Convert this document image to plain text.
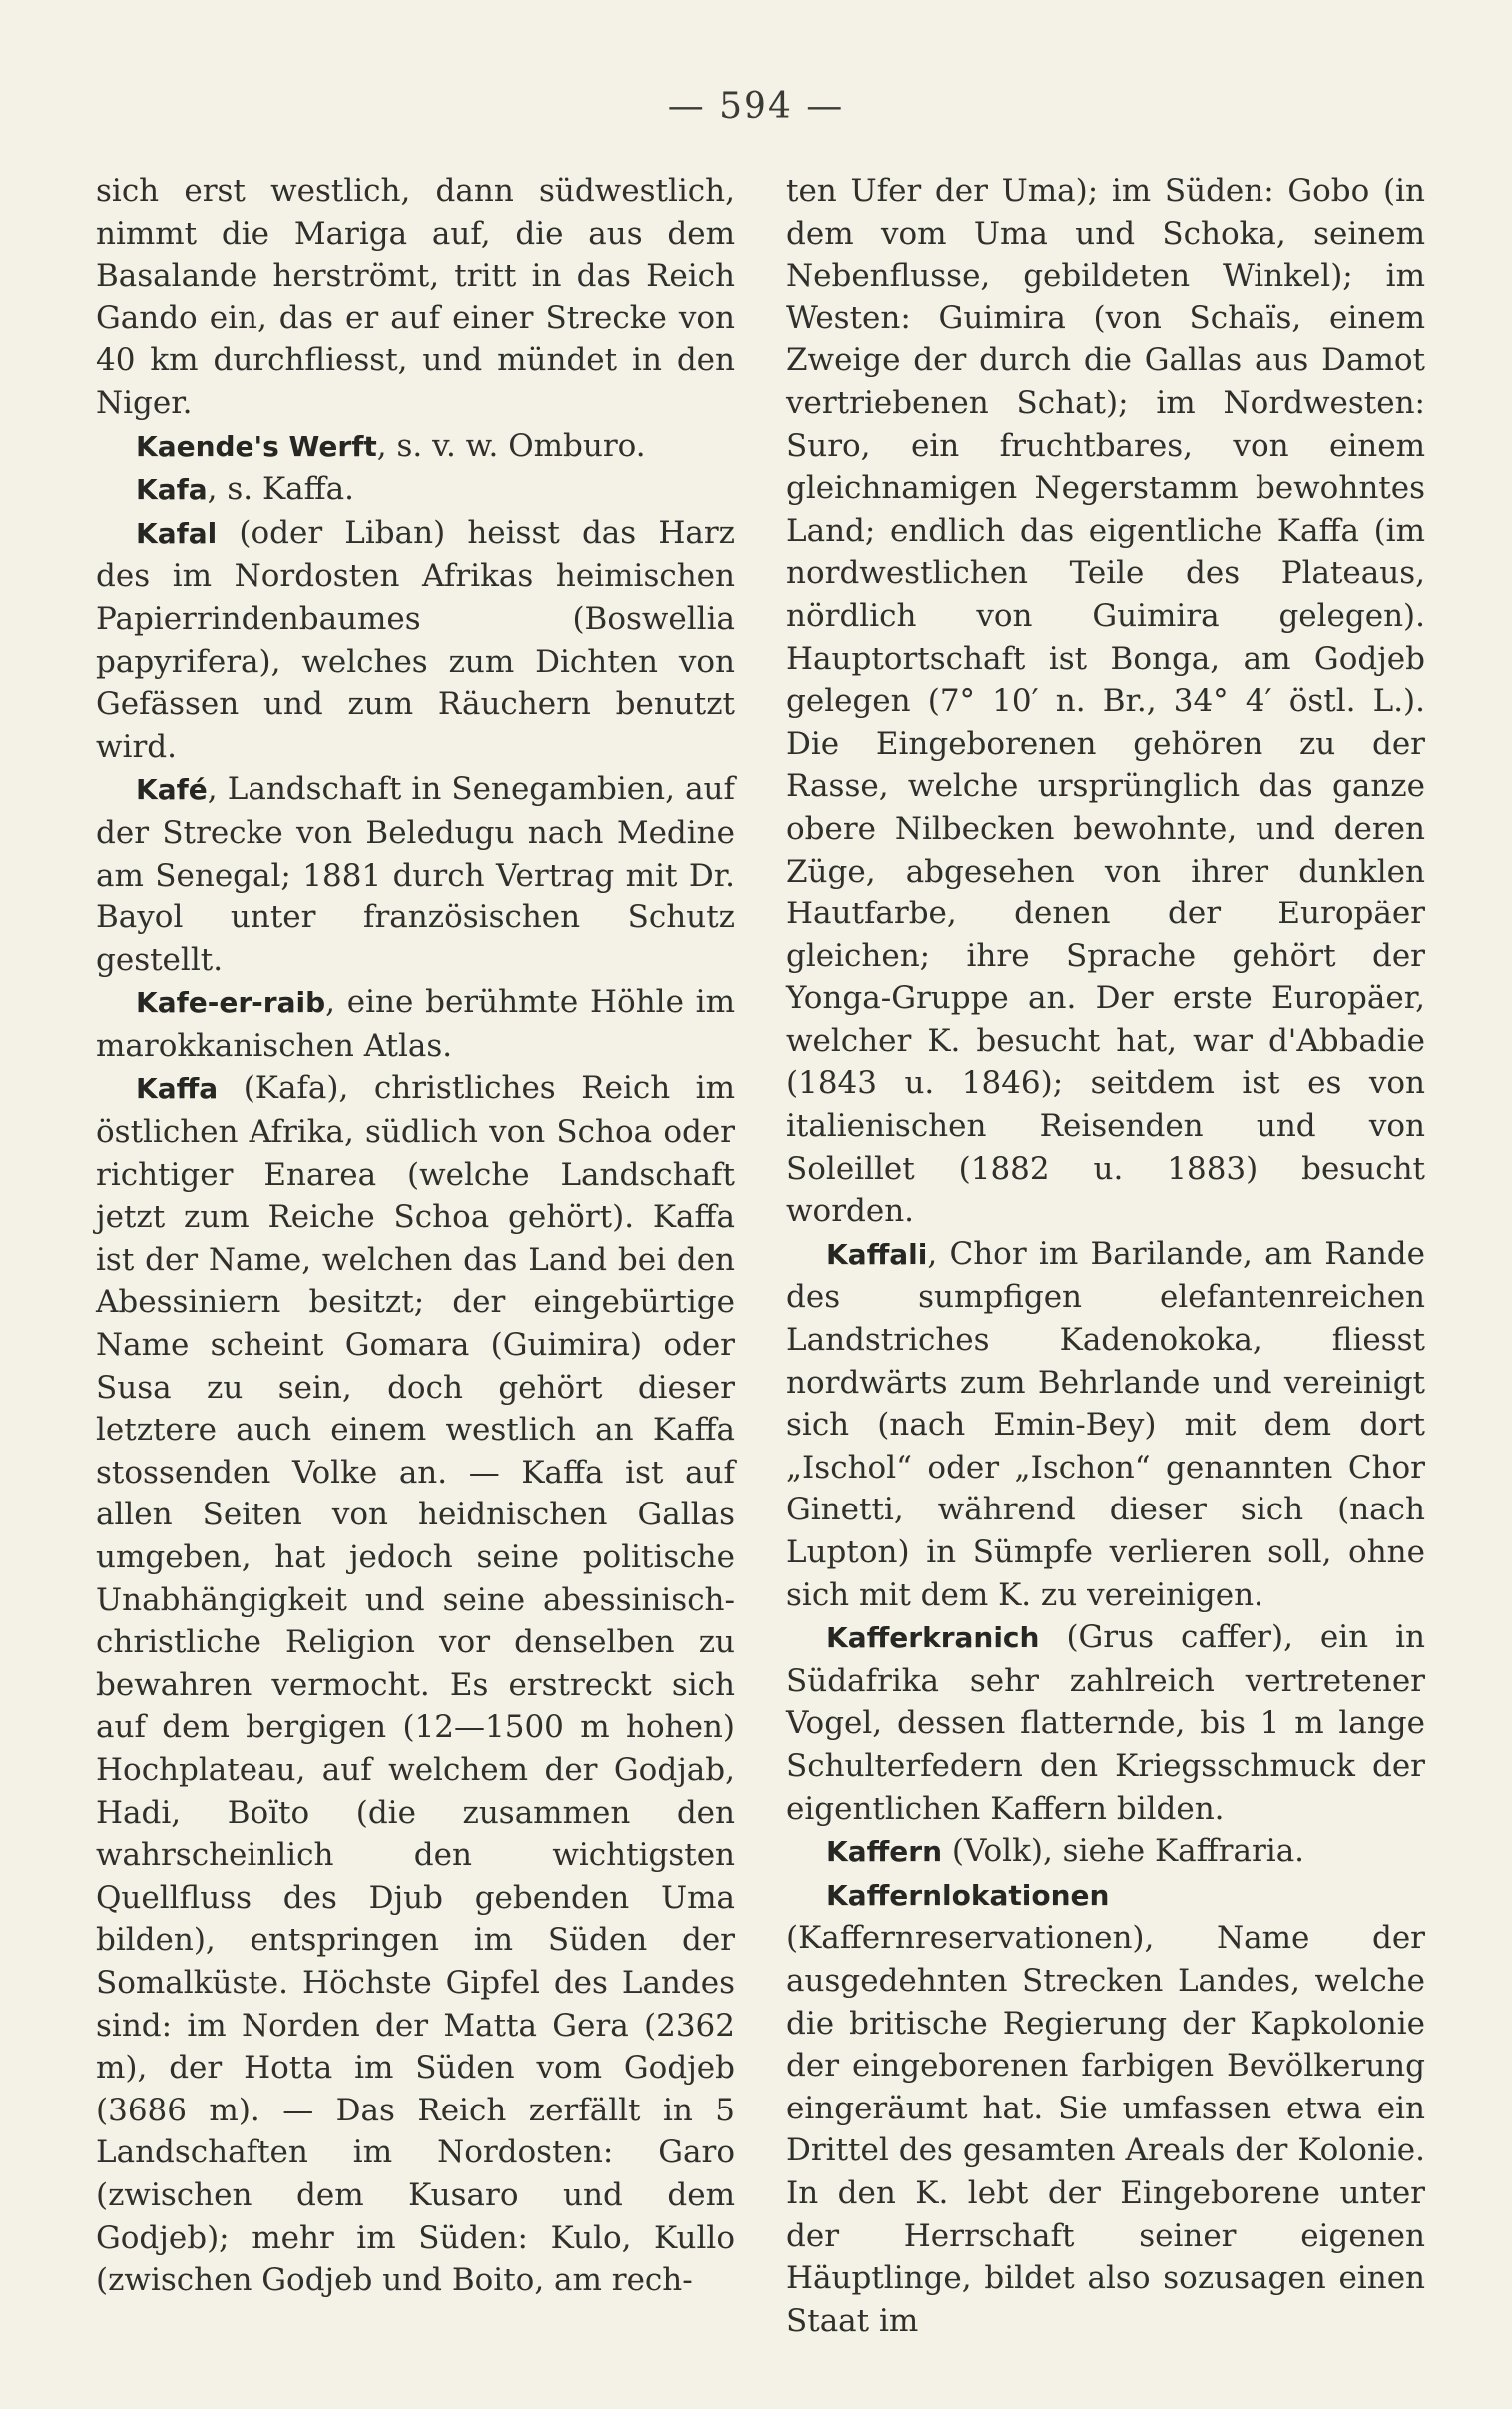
— 594 —

sich erst westlich, dann südwestlich, nimmt die Mariga auf, die aus dem Basalande herströmt, tritt in das Reich Gando ein, das er auf einer Strecke von 40 km durchfliesst, und mündet in den Niger.

Kaende's Werft, s. v. w. Omburo.

Kafa, s. Kaffa.

Kafal (oder Liban) heisst das Harz des im Nordosten Afrikas heimischen Papierrindenbaumes (Boswellia papyrifera), welches zum Dichten von Gefässen und zum Räuchern benutzt wird.

Kafé, Landschaft in Senegambien, auf der Strecke von Beledugu nach Medine am Senegal; 1881 durch Vertrag mit Dr. Bayol unter französischen Schutz gestellt.

Kafe-er-raib, eine berühmte Höhle im marokkanischen Atlas.

Kaffa (Kafa), christliches Reich im östlichen Afrika, südlich von Schoa oder richtiger Enarea (welche Landschaft jetzt zum Reiche Schoa gehört). Kaffa ist der Name, welchen das Land bei den Abessiniern besitzt; der eingebürtige Name scheint Gomara (Guimira) oder Susa zu sein, doch gehört dieser letztere auch einem westlich an Kaffa stossenden Volke an. — Kaffa ist auf allen Seiten von heidnischen Gallas umgeben, hat jedoch seine politische Unabhängigkeit und seine abessinisch-christliche Religion vor denselben zu bewahren vermocht. Es erstreckt sich auf dem bergigen (12—1500 m hohen) Hochplateau, auf welchem der Godjab, Hadi, Boïto (die zusammen den wahrscheinlich den wichtigsten Quellfluss des Djub gebenden Uma bilden), entspringen im Süden der Somalküste. Höchste Gipfel des Landes sind: im Norden der Matta Gera (2362 m), der Hotta im Süden vom Godjeb (3686 m). — Das Reich zerfällt in 5 Landschaften im Nordosten: Garo (zwischen dem Kusaro und dem Godjeb); mehr im Süden: Kulo, Kullo (zwischen Godjeb und Boito, am rech-

ten Ufer der Uma); im Süden: Gobo (in dem vom Uma und Schoka, seinem Nebenflusse, gebildeten Winkel); im Westen: Guimira (von Schaïs, einem Zweige der durch die Gallas aus Damot vertriebenen Schat); im Nordwesten: Suro, ein fruchtbares, von einem gleichnamigen Negerstamm bewohntes Land; endlich das eigentliche Kaffa (im nordwestlichen Teile des Plateaus, nördlich von Guimira gelegen). Hauptortschaft ist Bonga, am Godjeb gelegen (7° 10′ n. Br., 34° 4′ östl. L.). Die Eingeborenen gehören zu der Rasse, welche ursprünglich das ganze obere Nilbecken bewohnte, und deren Züge, abgesehen von ihrer dunklen Hautfarbe, denen der Europäer gleichen; ihre Sprache gehört der Yonga-Gruppe an. Der erste Europäer, welcher K. besucht hat, war d'Abbadie (1843 u. 1846); seitdem ist es von italienischen Reisenden und von Soleillet (1882 u. 1883) besucht worden.

Kaffali, Chor im Barilande, am Rande des sumpfigen elefantenreichen Landstriches Kadenokoka, fliesst nordwärts zum Behrlande und vereinigt sich (nach Emin-Bey) mit dem dort „Ischol“ oder „Ischon“ genannten Chor Ginetti, während dieser sich (nach Lupton) in Sümpfe verlieren soll, ohne sich mit dem K. zu vereinigen.

Kafferkranich (Grus caffer), ein in Südafrika sehr zahlreich vertretener Vogel, dessen flatternde, bis 1 m lange Schulterfedern den Kriegsschmuck der eigentlichen Kaffern bilden.

Kaffern (Volk), siehe Kaffraria.

Kaffernlokationen (Kaffernreservationen), Name der ausgedehnten Strecken Landes, welche die britische Regierung der Kapkolonie der eingeborenen farbigen Bevölkerung eingeräumt hat. Sie umfassen etwa ein Drittel des gesamten Areals der Kolonie. In den K. lebt der Eingeborene unter der Herrschaft seiner eigenen Häuptlinge, bildet also sozusagen einen Staat im
